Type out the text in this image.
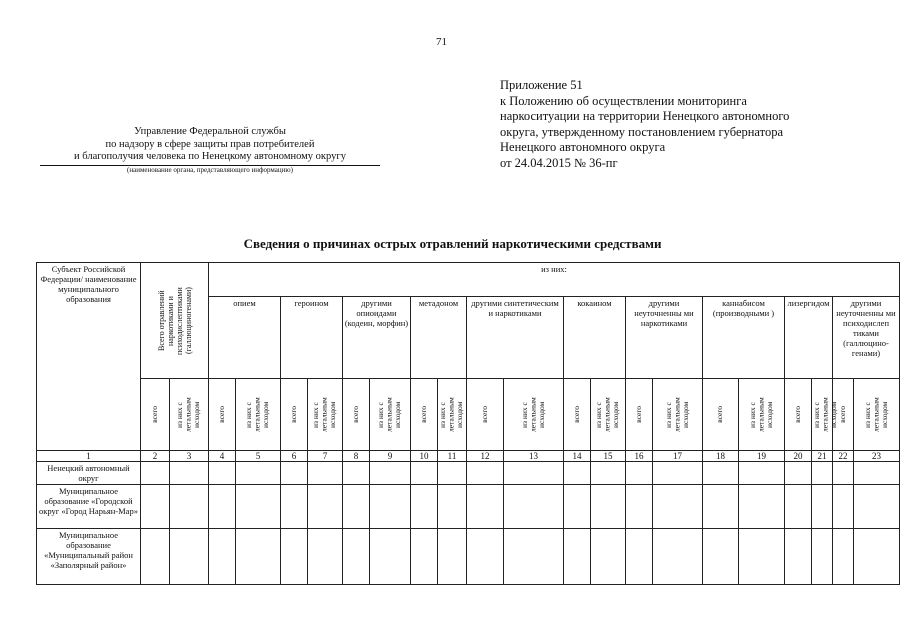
71
Приложение 51
к Положению об осуществлении мониторинга
наркоситуации на территории Ненецкого автономного
округа, утвержденному постановлением губернатора
Ненецкого автономного округа
от 24.04.2015 № 36-пг
Управление Федеральной службы
по надзору в сфере защиты прав потребителей
и благополучия человека по Ненецкому автономному округу
(наименование органа, представляющего информацию)
Сведения о причинах острых отравлений наркотическими средствами
Субъект Российской Федерации/ наименование муниципального образования	Всего отравлений наркотиками и психодислептиками (галлюциногенами)		из них:																			
			опием		героином		другими опиоидами (кодеин, морфин)		метадоном		другими синтетическим и наркотиками		кокаином		другими неуточненны ми наркотиками		каннабисом (производными )		лизергидом		другими неуточненны ми психодислеп тиками (галлюцино-генами)	

	всего	из них с летальным исходом	всего	из них с летальным исходом	всего	из них с летальным исходом	всего	из них с летальным исходом	всего	из них с летальным исходом	всего	из них с летальным исходом	всего	из них с летальным исходом	всего	из них с летальным исходом	всего	из них с летальным исходом	всего	из них с летальным исходом	всего	из них с летальным исходом

1	2	3	4	5	6	7	8	9	10	11	12	13	14	15	16	17	18	19	20	21	22	23
Ненецкий автономный округ																						
Муниципальное образование «Городской округ «Город Нарьян-Мар»																						
Муниципальное образование «Муниципальный район «Заполярный район»																						
